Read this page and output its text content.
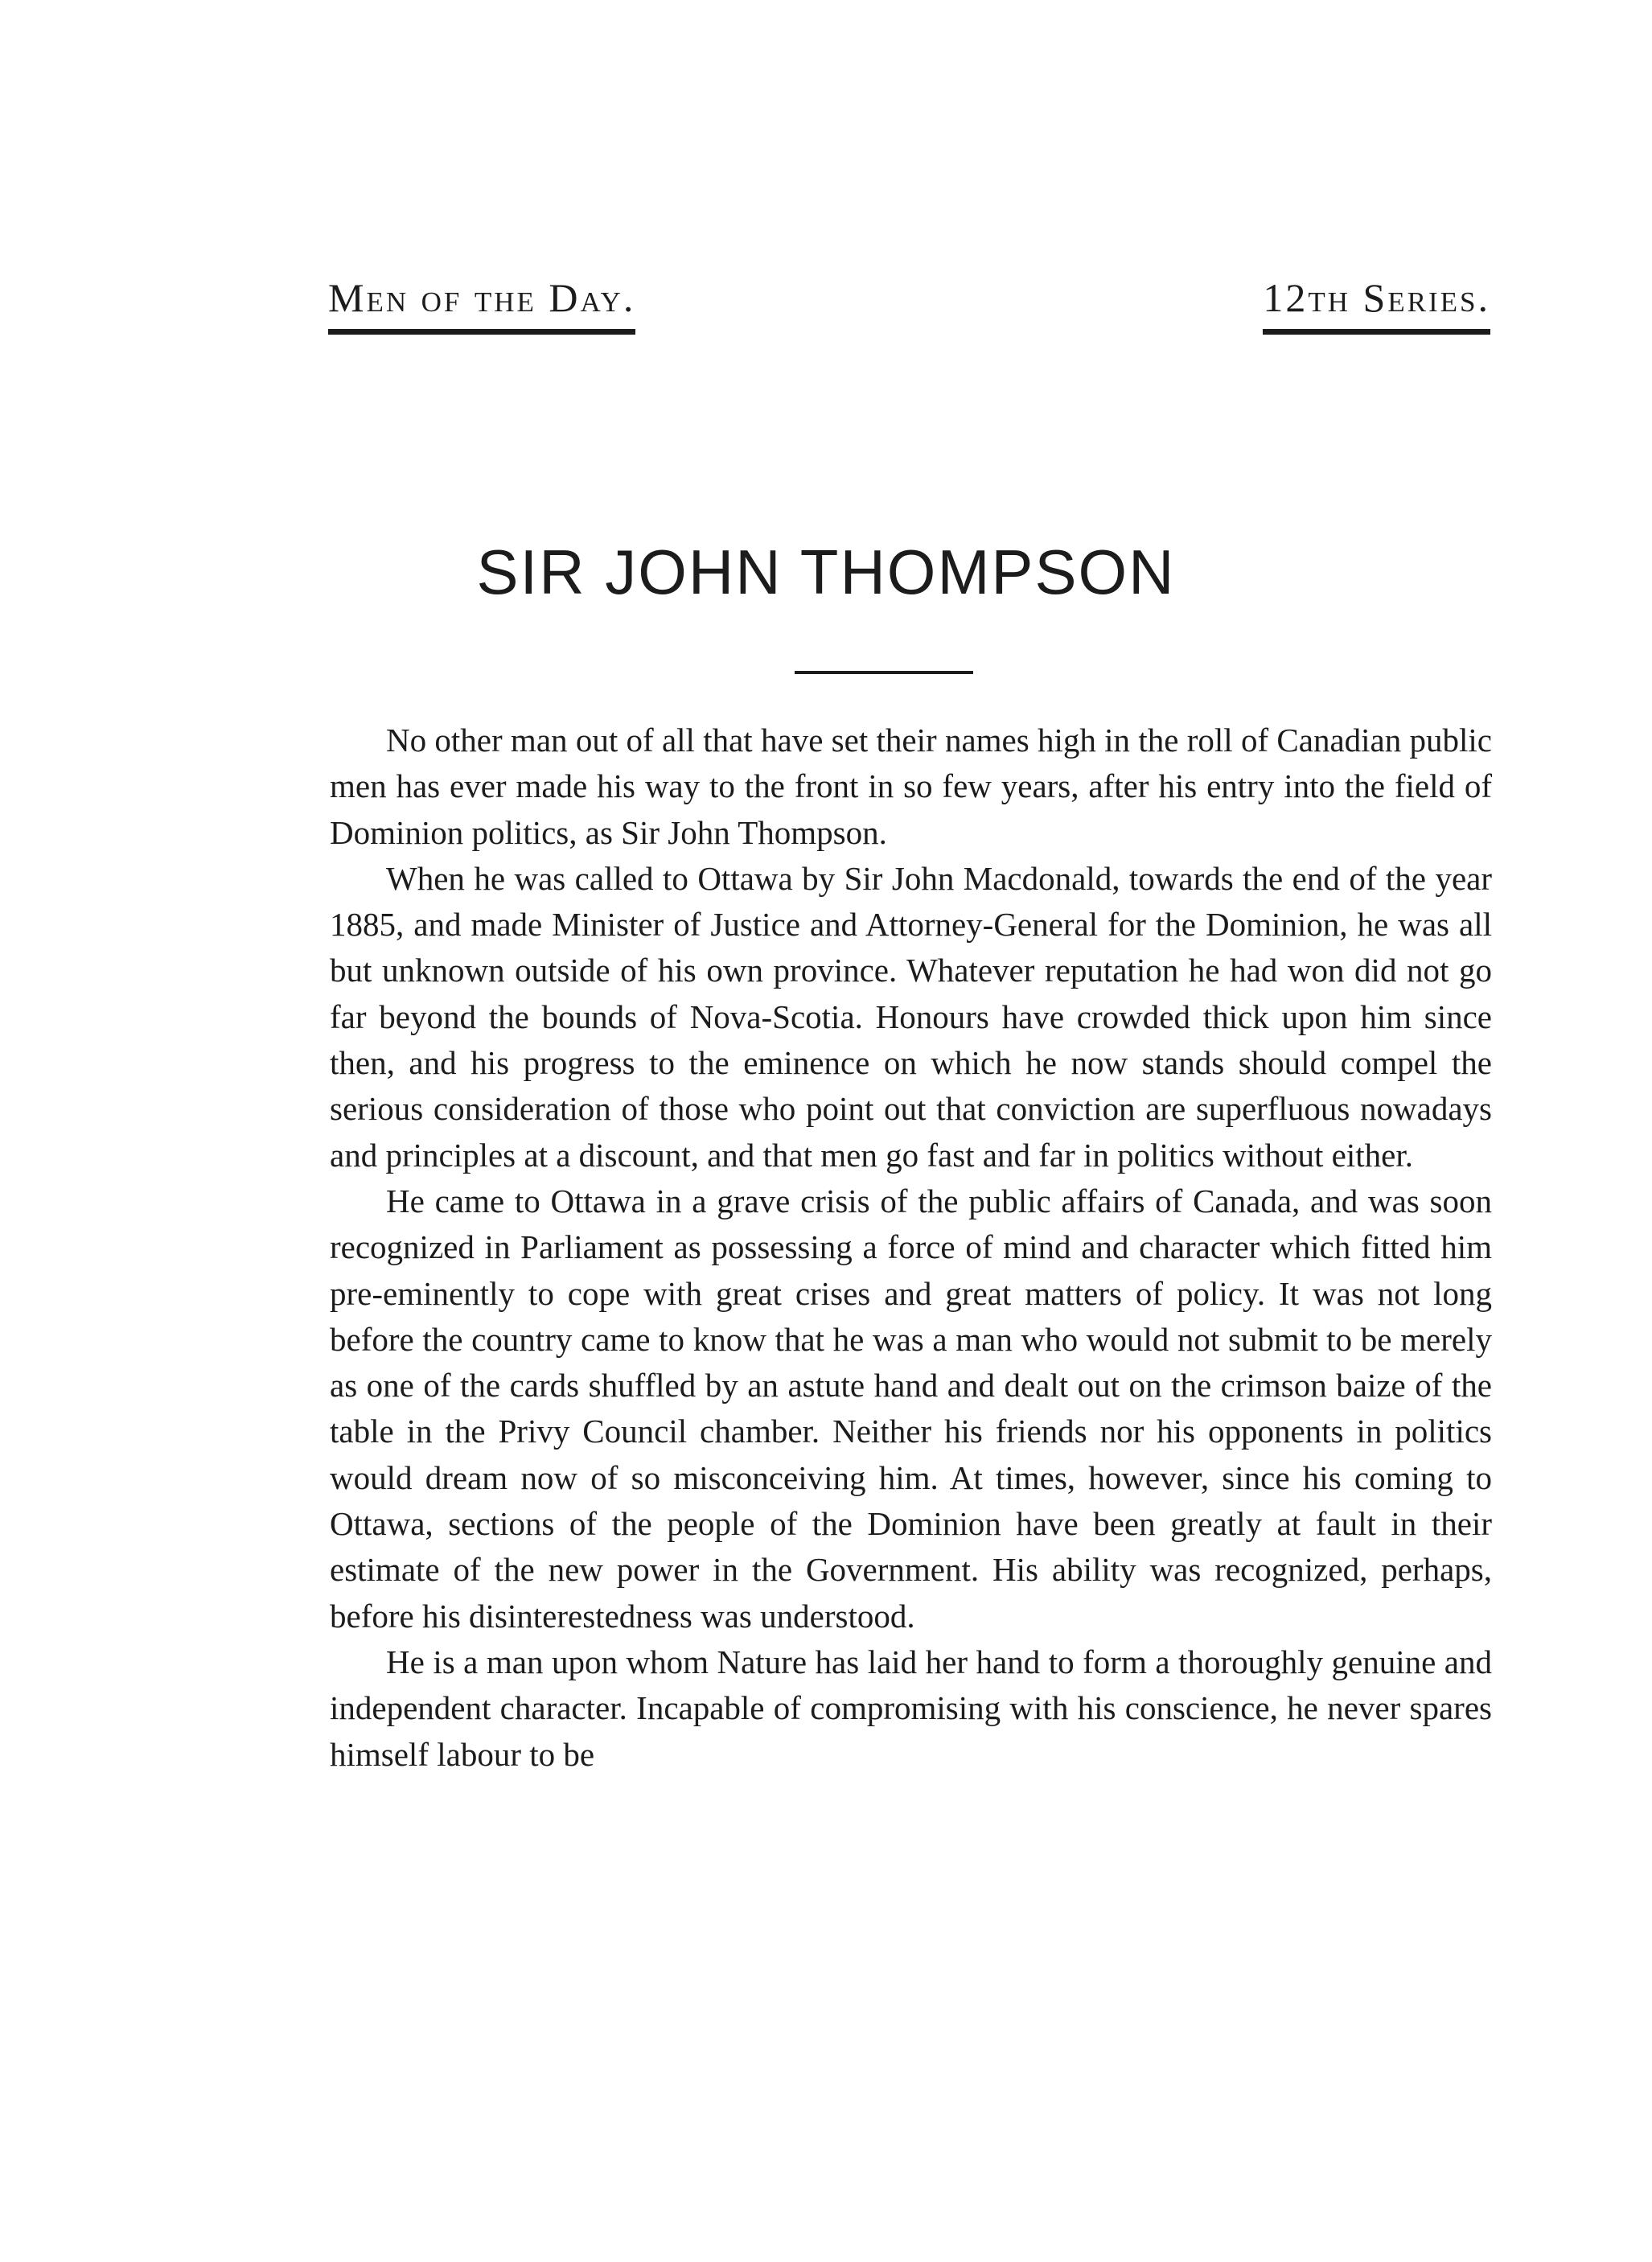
Men of the Day.	12th Series.
SIR JOHN THOMPSON

No other man out of all that have set their names high in the roll of Canadian public men has ever made his way to the front in so few years, after his entry into the field of Dominion politics, as Sir John Thompson.

When he was called to Ottawa by Sir John Macdonald, towards the end of the year 1885, and made Minister of Justice and Attorney-General for the Dominion, he was all but unknown outside of his own province. Whatever reputation he had won did not go far beyond the bounds of Nova-Scotia. Honours have crowded thick upon him since then, and his progress to the eminence on which he now stands should compel the serious consideration of those who point out that conviction are superfluous nowadays and principles at a discount, and that men go fast and far in politics without either.

He came to Ottawa in a grave crisis of the public affairs of Canada, and was soon recognized in Parliament as possessing a force of mind and character which fitted him pre-eminently to cope with great crises and great matters of policy. It was not long before the country came to know that he was a man who would not submit to be merely as one of the cards shuffled by an astute hand and dealt out on the crimson baize of the table in the Privy Council chamber. Neither his friends nor his opponents in politics would dream now of so misconceiving him. At times, however, since his coming to Ottawa, sections of the people of the Dominion have been greatly at fault in their estimate of the new power in the Government. His ability was recognized, perhaps, before his disinterestedness was understood.

He is a man upon whom Nature has laid her hand to form a thoroughly genuine and independent character. Incapable of compromising with his conscience, he never spares himself labour to be
